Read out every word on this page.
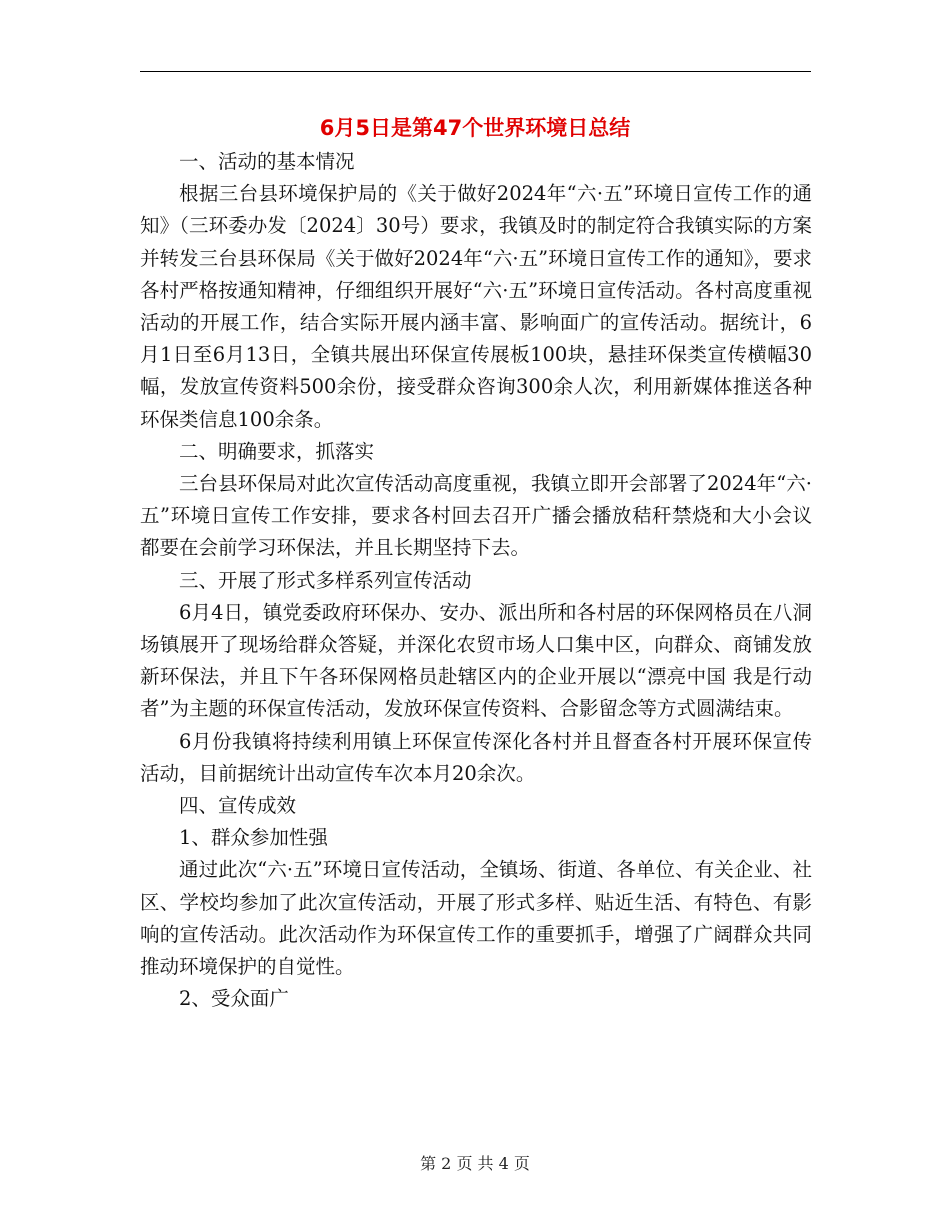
6月5日是第47个世界环境日总结

一、活动的基本情况

根据三台县环境保护局的《关于做好2024年“六·五”环境日宣传工作的通知》（三环委办发〔2024〕30号）要求，我镇及时的制定符合我镇实际的方案并转发三台县环保局《关于做好2024年“六·五”环境日宣传工作的通知》，要求各村严格按通知精神，仔细组织开展好“六·五”环境日宣传活动。各村高度重视活动的开展工作，结合实际开展内涵丰富、影响面广的宣传活动。据统计，6月1日至6月13日，全镇共展出环保宣传展板100块，悬挂环保类宣传横幅30幅，发放宣传资料500余份，接受群众咨询300余人次，利用新媒体推送各种环保类信息100余条。

二、明确要求，抓落实

三台县环保局对此次宣传活动高度重视，我镇立即开会部署了2024年“六·五”环境日宣传工作安排，要求各村回去召开广播会播放秸秆禁烧和大小会议都要在会前学习环保法，并且长期坚持下去。

三、开展了形式多样系列宣传活动

6月4日，镇党委政府环保办、安办、派出所和各村居的环保网格员在八洞场镇展开了现场给群众答疑，并深化农贸市场人口集中区，向群众、商铺发放新环保法，并且下午各环保网格员赴辖区内的企业开展以“漂亮中国 我是行动者”为主题的环保宣传活动，发放环保宣传资料、合影留念等方式圆满结束。

6月份我镇将持续利用镇上环保宣传深化各村并且督查各村开展环保宣传活动，目前据统计出动宣传车次本月20余次。

四、宣传成效

1、群众参加性强

通过此次“六·五”环境日宣传活动，全镇场、街道、各单位、有关企业、社区、学校均参加了此次宣传活动，开展了形式多样、贴近生活、有特色、有影响的宣传活动。此次活动作为环保宣传工作的重要抓手，增强了广阔群众共同推动环境保护的自觉性。

2、受众面广

第 2 页 共 4 页
